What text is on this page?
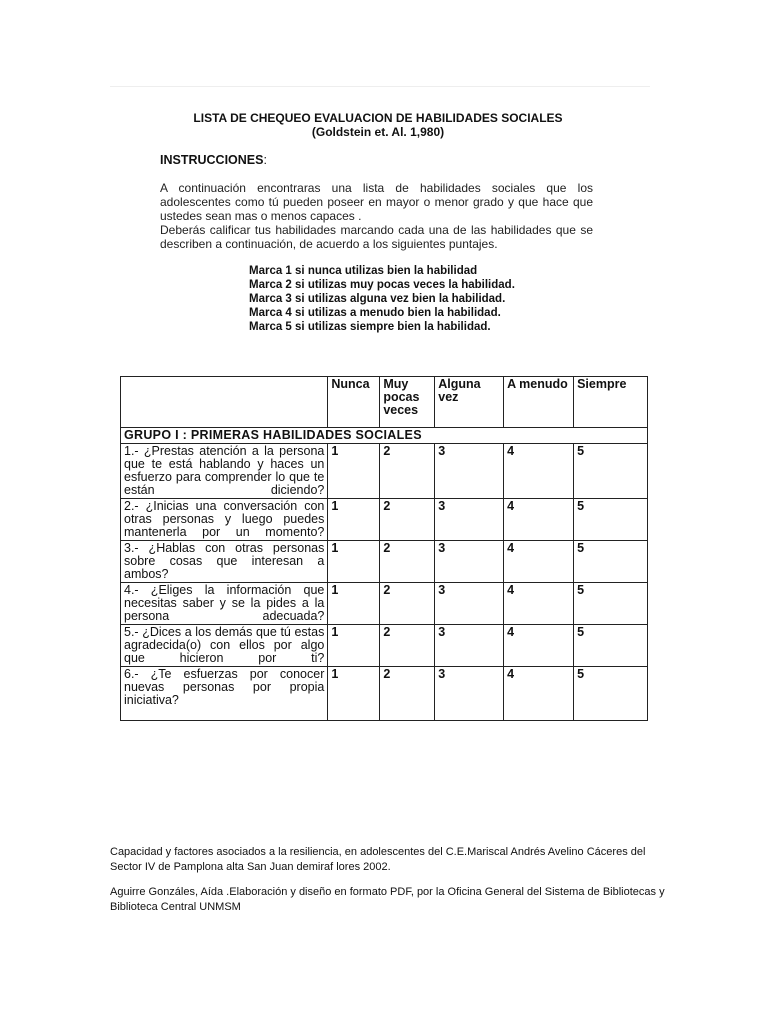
LISTA DE CHEQUEO EVALUACION DE HABILIDADES SOCIALES
(Goldstein et. Al. 1,980)
INSTRUCCIONES:

A continuación encontraras una lista de habilidades sociales que los adolescentes como tú pueden poseer en mayor o menor grado y que hace que ustedes sean mas o menos capaces .

Deberás calificar tus habilidades marcando cada una de las habilidades que se describen a continuación, de acuerdo a los siguientes puntajes.

Marca 1 si nunca utilizas bien la habilidad
Marca 2 si utilizas muy pocas veces la habilidad.
Marca 3 si utilizas alguna vez bien la habilidad.
Marca 4 si utilizas a menudo bien la habilidad.
Marca 5 si utilizas siempre bien la habilidad.
	Nunca	Muy pocas veces	Alguna vez	A menudo	Siempre
GRUPO I : PRIMERAS HABILIDADES SOCIALES					
1.- ¿Prestas atención a la persona que te está hablando y haces un esfuerzo para comprender lo que te están diciendo?	1	2	3	4	5
2.- ¿Inicias una conversación con otras personas y luego puedes mantenerla por un momento?	1	2	3	4	5
3.- ¿Hablas con otras personas sobre cosas que interesan a ambos?	1	2	3	4	5
4.- ¿Eliges la información que necesitas saber y se la pides a la persona adecuada?	1	2	3	4	5
5.- ¿Dices a los demás que tú estas agradecida(o) con ellos por algo que hicieron por ti?	1	2	3	4	5
6.- ¿Te esfuerzas por conocer nuevas personas por propia iniciativa?	1	2	3	4	5

Capacidad y factores asociados a la resiliencia, en adolescentes del C.E.Mariscal Andrés Avelino Cáceres del Sector IV de Pamplona alta San Juan demiraf lores 2002.

Aguirre Gonzáles, Aída .Elaboración y diseño en formato PDF, por la Oficina General del Sistema de Bibliotecas y Biblioteca Central UNMSM
